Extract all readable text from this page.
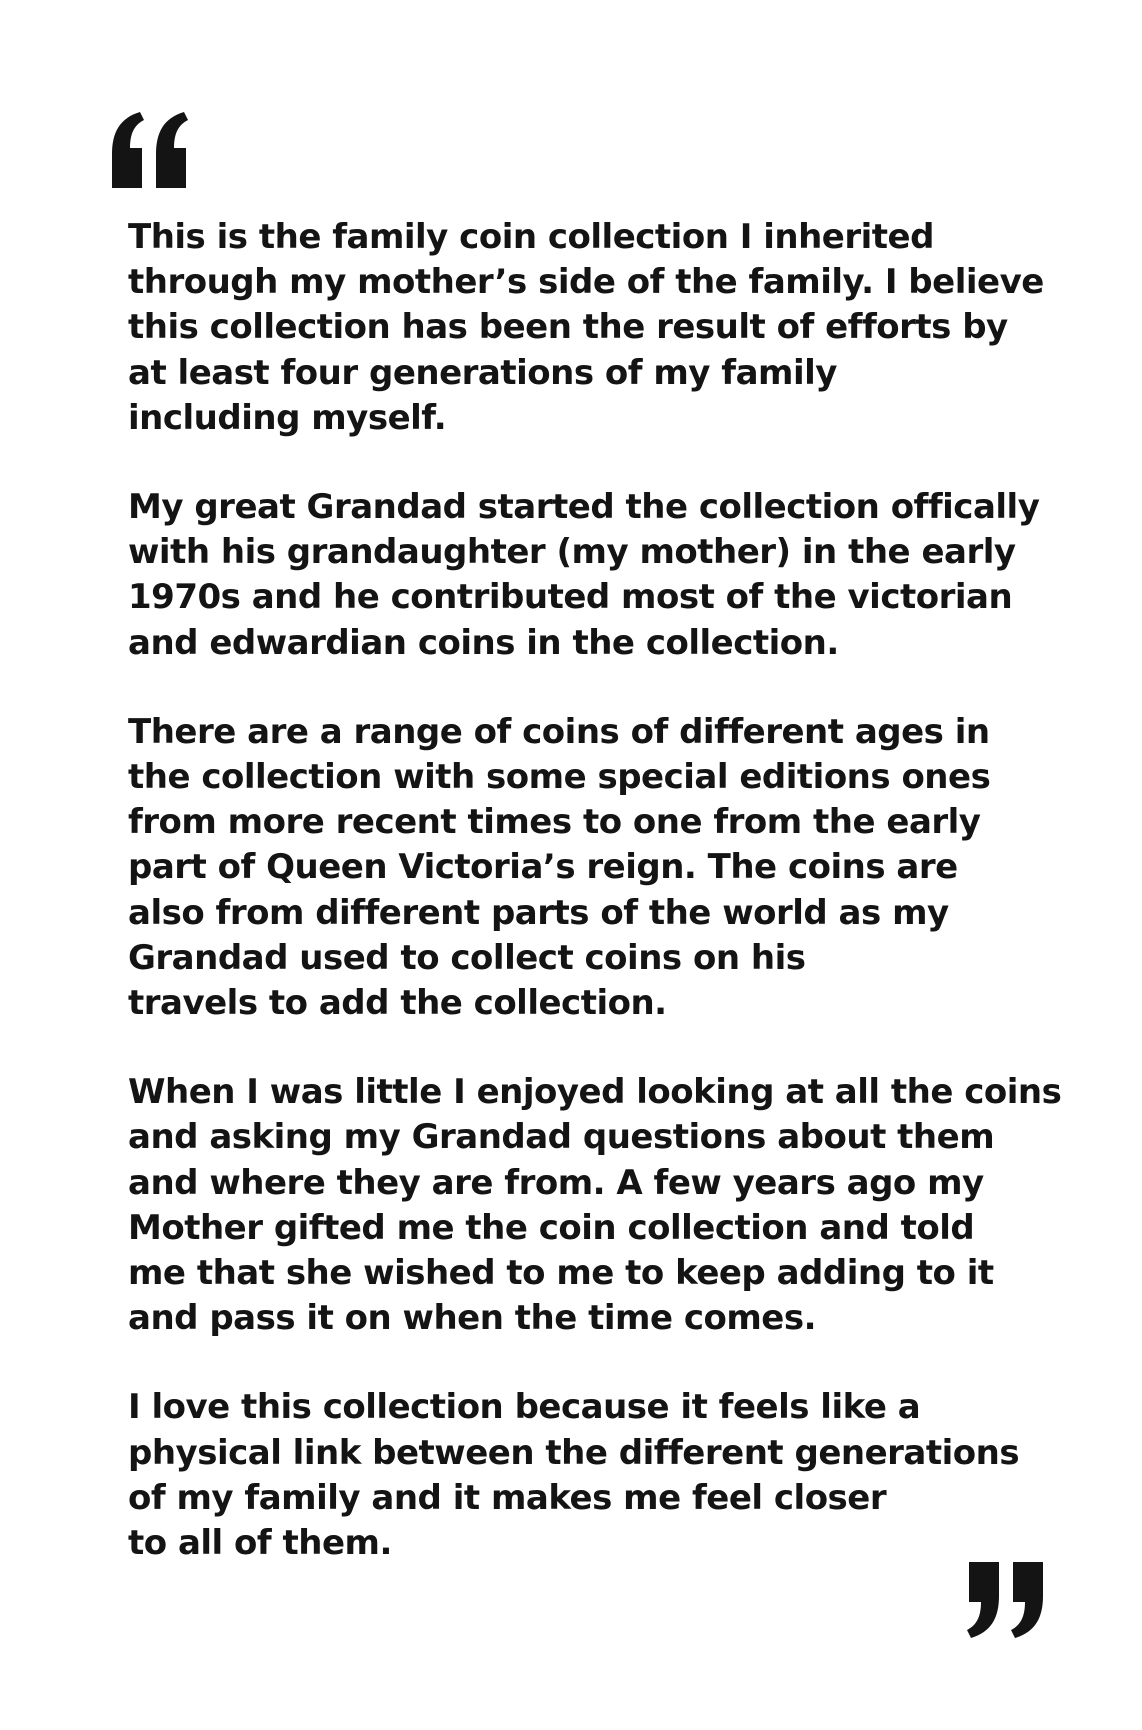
This is the family coin collection I inherited
through my mother’s side of the family. I believe
this collection has been the result of efforts by
at least four generations of my family
including myself.

My great Grandad started the collection offically
with his grandaughter (my mother) in the early
1970s and he contributed most of the victorian
and edwardian coins in the collection.

There are a range of coins of different ages in
the collection with some special editions ones
from more recent times to one from the early
part of Queen Victoria’s reign. The coins are
also from different parts of the world as my
Grandad used to collect coins on his
travels to add the collection.

When I was little I enjoyed looking at all the coins
and asking my Grandad questions about them
and where they are from. A few years ago my
Mother gifted me the coin collection and told
me that she wished to me to keep adding to it
and pass it on when the time comes.

I love this collection because it feels like a
physical link between the different generations
of my family and it makes me feel closer
to all of them.
